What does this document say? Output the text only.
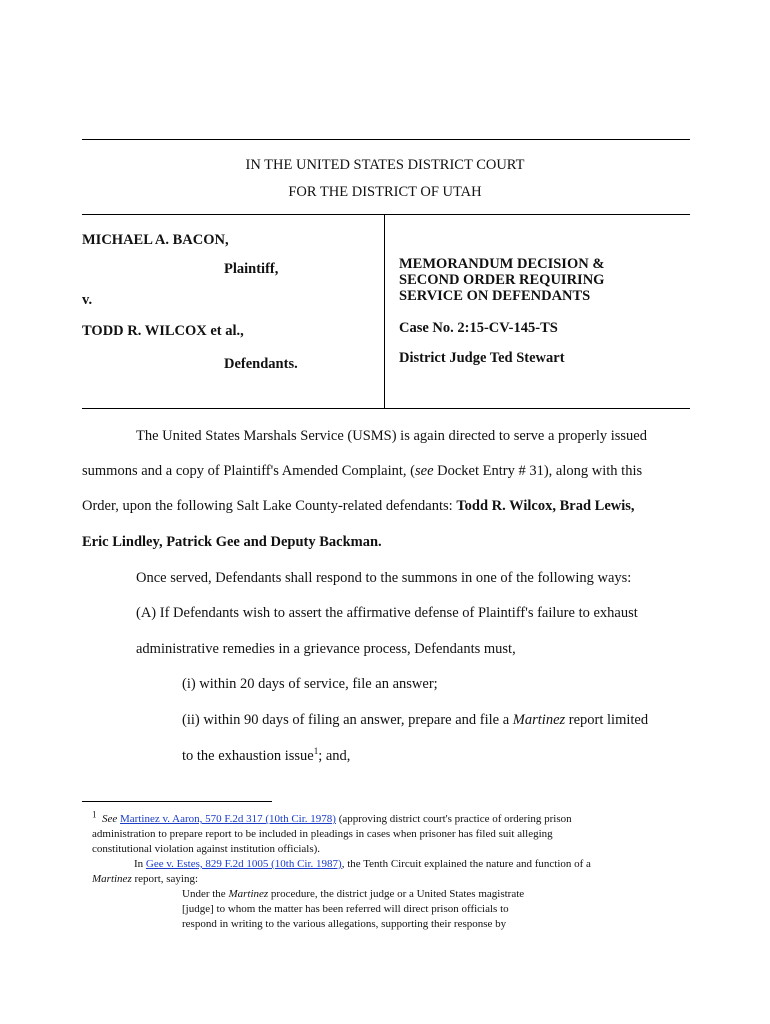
IN THE UNITED STATES DISTRICT COURT
FOR THE DISTRICT OF UTAH
MICHAEL A. BACON,
Plaintiff,
v.
TODD R. WILCOX et al.,
Defendants.
MEMORANDUM DECISION &
SECOND ORDER REQUIRING
SERVICE ON DEFENDANTS
Case No. 2:15-CV-145-TS
District Judge Ted Stewart
The United States Marshals Service (USMS) is again directed to serve a properly issued
summons and a copy of Plaintiff's Amended Complaint, (see Docket Entry # 31), along with this
Order, upon the following Salt Lake County-related defendants: Todd R. Wilcox, Brad Lewis,
Eric Lindley, Patrick Gee and Deputy Backman.
Once served, Defendants shall respond to the summons in one of the following ways:
(A) If Defendants wish to assert the affirmative defense of Plaintiff's failure to exhaust
administrative remedies in a grievance process, Defendants must,
(i) within 20 days of service, file an answer;
(ii) within 90 days of filing an answer, prepare and file a Martinez report limited
to the exhaustion issue$^1$; and,
$^1$ See Martinez v. Aaron, 570 F.2d 317 (10th Cir. 1978) (approving district court's practice of ordering prison
administration to prepare report to be included in pleadings in cases when prisoner has filed suit alleging
constitutional violation against institution officials).
In Gee v. Estes, 829 F.2d 1005 (10th Cir. 1987), the Tenth Circuit explained the nature and function of a
Martinez report, saying:
Under the Martinez procedure, the district judge or a United States magistrate
[judge] to whom the matter has been referred will direct prison officials to
respond in writing to the various allegations, supporting their response by
